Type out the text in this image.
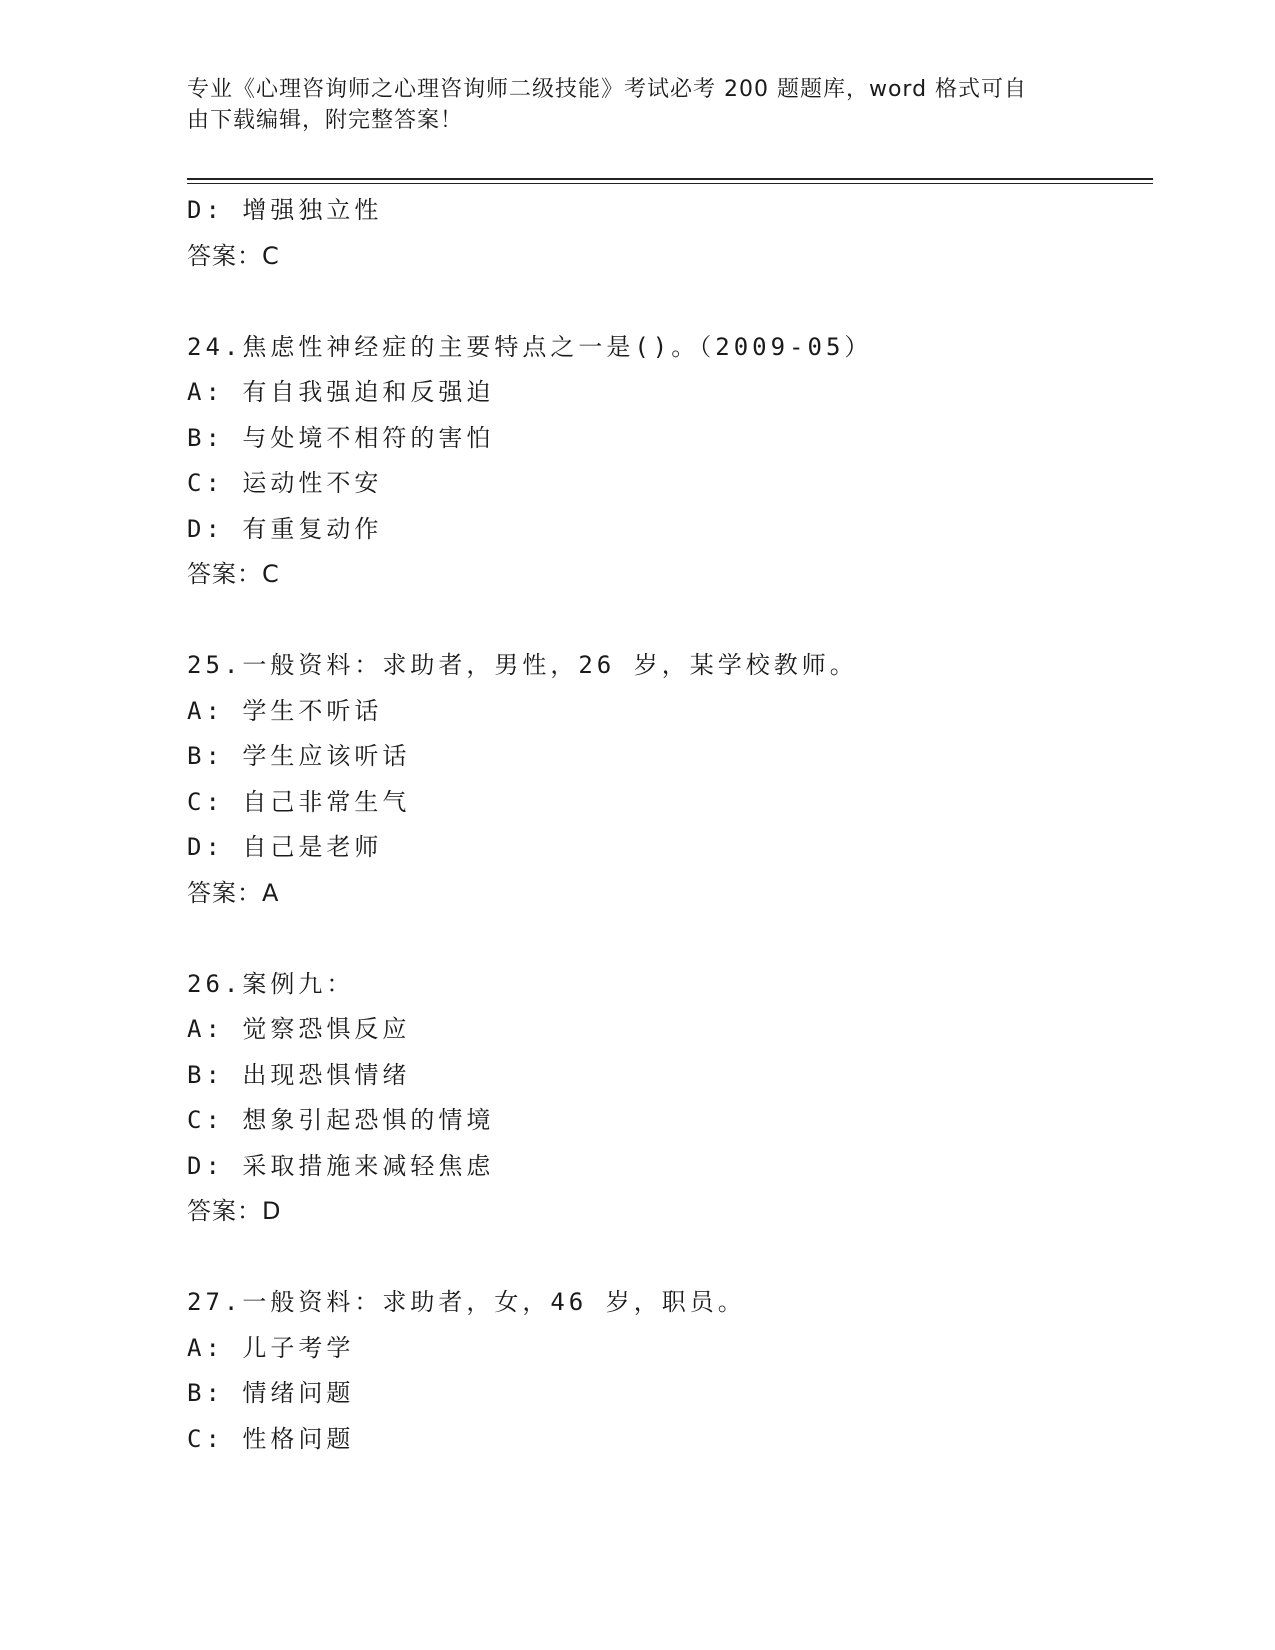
专业《心理咨询师之心理咨询师二级技能》考试必考 200 题题库，word 格式可自
由下载编辑，附完整答案！
D: 增强独立性
答案：C
24.焦虑性神经症的主要特点之一是()。（2009-05）
A: 有自我强迫和反强迫
B: 与处境不相符的害怕
C: 运动性不安
D: 有重复动作
答案：C
25.一般资料：求助者，男性，26 岁，某学校教师。
A: 学生不听话
B: 学生应该听话
C: 自己非常生气
D: 自己是老师
答案：A
26.案例九：
A: 觉察恐惧反应
B: 出现恐惧情绪
C: 想象引起恐惧的情境
D: 采取措施来减轻焦虑
答案：D
27.一般资料：求助者，女，46 岁，职员。
A: 儿子考学
B: 情绪问题
C: 性格问题
